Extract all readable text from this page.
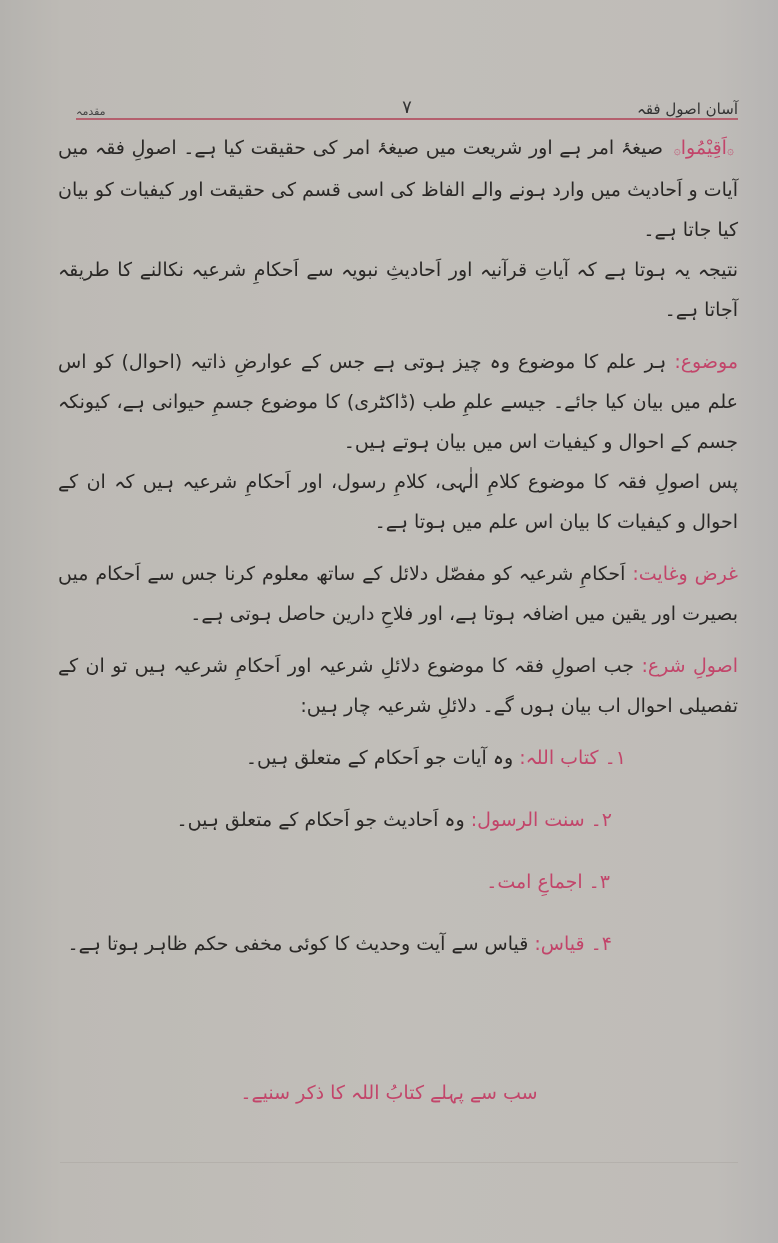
آسان اصولِ فقہ
۷
مقدمہ

۞اَقِیْمُوا۞ صیغۂ امر ہے اور شریعت میں صیغۂ امر کی حقیقت کیا ہے۔ اصولِ فقہ میں آیات و اَحادیث میں وارد ہونے والے الفاظ کی اسی قسم کی حقیقت اور کیفیات کو بیان کیا جاتا ہے۔

نتیجہ یہ ہوتا ہے کہ آیاتِ قرآنیہ اور اَحادیثِ نبویہ سے اَحکامِ شرعیہ نکالنے کا طریقہ آجاتا ہے۔

موضوع: ہر علم کا موضوع وہ چیز ہوتی ہے جس کے عوارضِ ذاتیہ (احوال) کو اس علم میں بیان کیا جائے۔ جیسے علمِ طب (ڈاکٹری) کا موضوع جسمِ حیوانی ہے، کیونکہ جسم کے احوال و کیفیات اس میں بیان ہوتے ہیں۔

پس اصولِ فقہ کا موضوع کلامِ الٰہی، کلامِ رسول، اور اَحکامِ شرعیہ ہیں کہ ان کے احوال و کیفیات کا بیان اس علم میں ہوتا ہے۔

غرض وغایت: اَحکامِ شرعیہ کو مفصّل دلائل کے ساتھ معلوم کرنا جس سے اَحکام میں بصیرت اور یقین میں اضافہ ہوتا ہے، اور فلاحِ دارین حاصل ہوتی ہے۔

اصولِ شرع: جب اصولِ فقہ کا موضوع دلائلِ شرعیہ اور اَحکامِ شرعیہ ہیں تو ان کے تفصیلی احوال اب بیان ہوں گے۔ دلائلِ شرعیہ چار ہیں:

۱۔ کتاب اللہ: وہ آیات جو اَحکام کے متعلق ہیں۔
۲۔ سنت الرسول: وہ اَحادیث جو اَحکام کے متعلق ہیں۔
۳۔ اجماعِ امت۔
۴۔ قیاس: قیاس سے آیت وحدیث کا کوئی مخفی حکم ظاہر ہوتا ہے۔
سب سے پہلے کتابُ اللہ کا ذکر سنیے۔
